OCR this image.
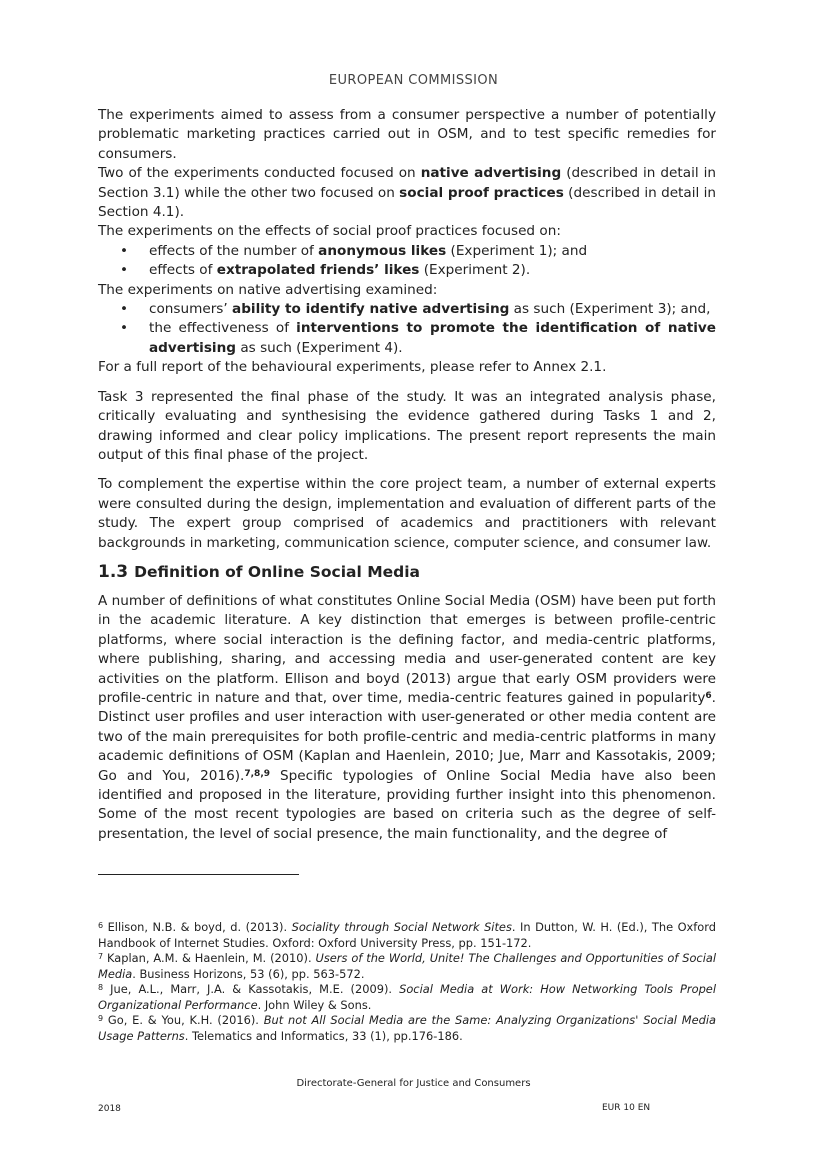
EUROPEAN COMMISSION

The experiments aimed to assess from a consumer perspective a number of potentially problematic marketing practices carried out in OSM, and to test specific remedies for consumers.

Two of the experiments conducted focused on native advertising (described in detail in Section 3.1) while the other two focused on social proof practices (described in detail in Section 4.1).

The experiments on the effects of social proof practices focused on:

• effects of the number of anonymous likes (Experiment 1); and
• effects of extrapolated friends’ likes (Experiment 2).

The experiments on native advertising examined:

• consumers’ ability to identify native advertising as such (Experiment 3); and,
• the effectiveness of interventions to promote the identification of native advertising as such (Experiment 4).

For a full report of the behavioural experiments, please refer to Annex 2.1.

Task 3 represented the final phase of the study. It was an integrated analysis phase, critically evaluating and synthesising the evidence gathered during Tasks 1 and 2, drawing informed and clear policy implications. The present report represents the main output of this final phase of the project.

To complement the expertise within the core project team, a number of external experts were consulted during the design, implementation and evaluation of different parts of the study. The expert group comprised of academics and practitioners with relevant backgrounds in marketing, communication science, computer science, and consumer law.

1.3 Definition of Online Social Media

A number of definitions of what constitutes Online Social Media (OSM) have been put forth in the academic literature. A key distinction that emerges is between profile-centric platforms, where social interaction is the defining factor, and media-centric platforms, where publishing, sharing, and accessing media and user-generated content are key activities on the platform. Ellison and boyd (2013) argue that early OSM providers were profile-centric in nature and that, over time, media-centric features gained in popularity$^6$. Distinct user profiles and user interaction with user-generated or other media content are two of the main prerequisites for both profile-centric and media-centric platforms in many academic definitions of OSM (Kaplan and Haenlein, 2010; Jue, Marr and Kassotakis, 2009; Go and You, 2016).$^{7,8,9}$ Specific typologies of Online Social Media have also been identified and proposed in the literature, providing further insight into this phenomenon. Some of the most recent typologies are based on criteria such as the degree of self-presentation, the level of social presence, the main functionality, and the degree of

$^6$ Ellison, N.B. & boyd, d. (2013). Sociality through Social Network Sites. In Dutton, W. H. (Ed.), The Oxford Handbook of Internet Studies. Oxford: Oxford University Press, pp. 151-172.

$^7$ Kaplan, A.M. & Haenlein, M. (2010). Users of the World, Unite! The Challenges and Opportunities of Social Media. Business Horizons, 53 (6), pp. 563-572.

$^8$ Jue, A.L., Marr, J.A. & Kassotakis, M.E. (2009). Social Media at Work: How Networking Tools Propel Organizational Performance. John Wiley & Sons.

$^9$ Go, E. & You, K.H. (2016). But not All Social Media are the Same: Analyzing Organizations' Social Media Usage Patterns. Telematics and Informatics, 33 (1), pp.176-186.

Directorate-General for Justice and Consumers
2018	EUR 10 EN
